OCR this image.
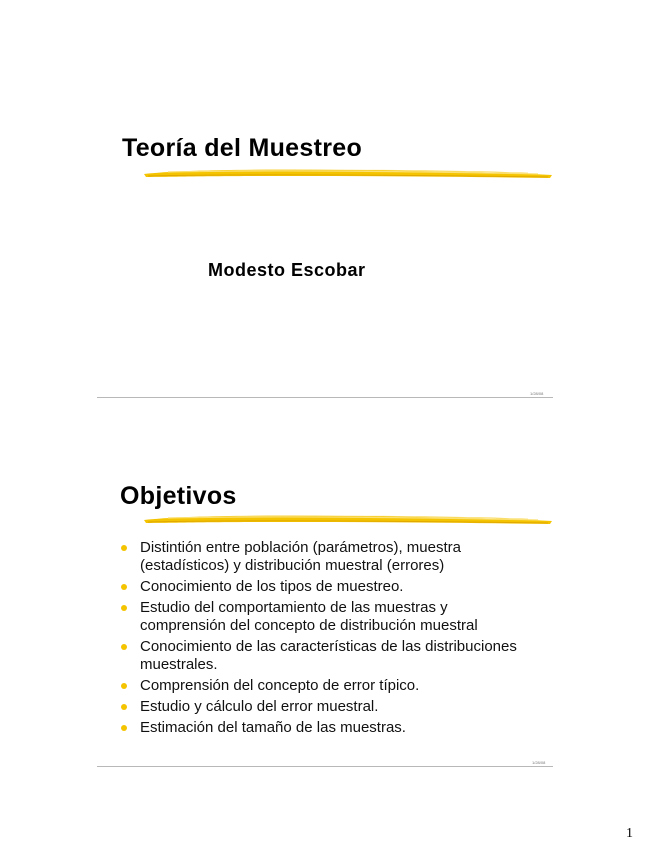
Teoría del Muestreo
Modesto Escobar
1/28/08
Objetivos
Distintión entre población (parámetros), muestra (estadísticos) y distribución muestral (errores)
Conocimiento de los tipos de muestreo.
Estudio del comportamiento de las muestras y comprensión del concepto de distribución muestral
Conocimiento de las características de las distribuciones muestrales.
Comprensión del concepto de error típico.
Estudio y cálculo del error muestral.
Estimación del tamaño de las muestras.
1/28/08
1
